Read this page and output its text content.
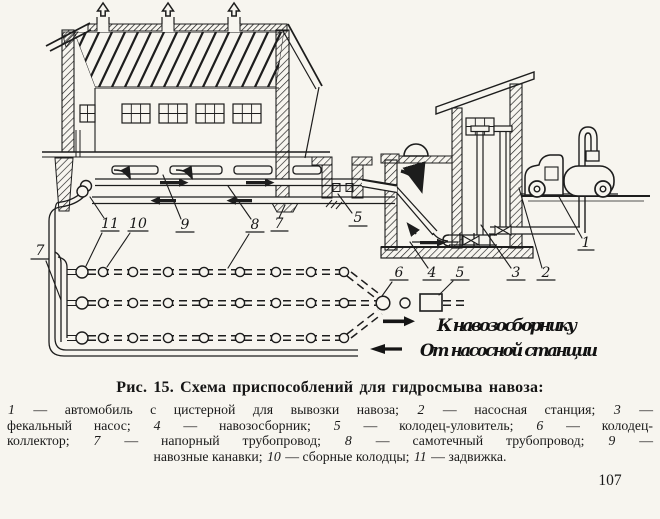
К навозосборнику
От насосной станции
11 10 9	8 7
7
5
6 4 5	3 2
1
Рис. 15. Схема приспособлений для гидросмыва навоза:
1 — автомобиль с цистерной для вывозки навоза; 2 — насосная станция; 3 —
фекальный насос; 4 — навозосборник; 5 — колодец-уловитель; 6 — колодец-
коллектор; 7 — напорный трубопровод; 8 — самотечный трубопровод; 9 —
навозные канавки; 10 — сборные колодцы; 11 — задвижка.
107
